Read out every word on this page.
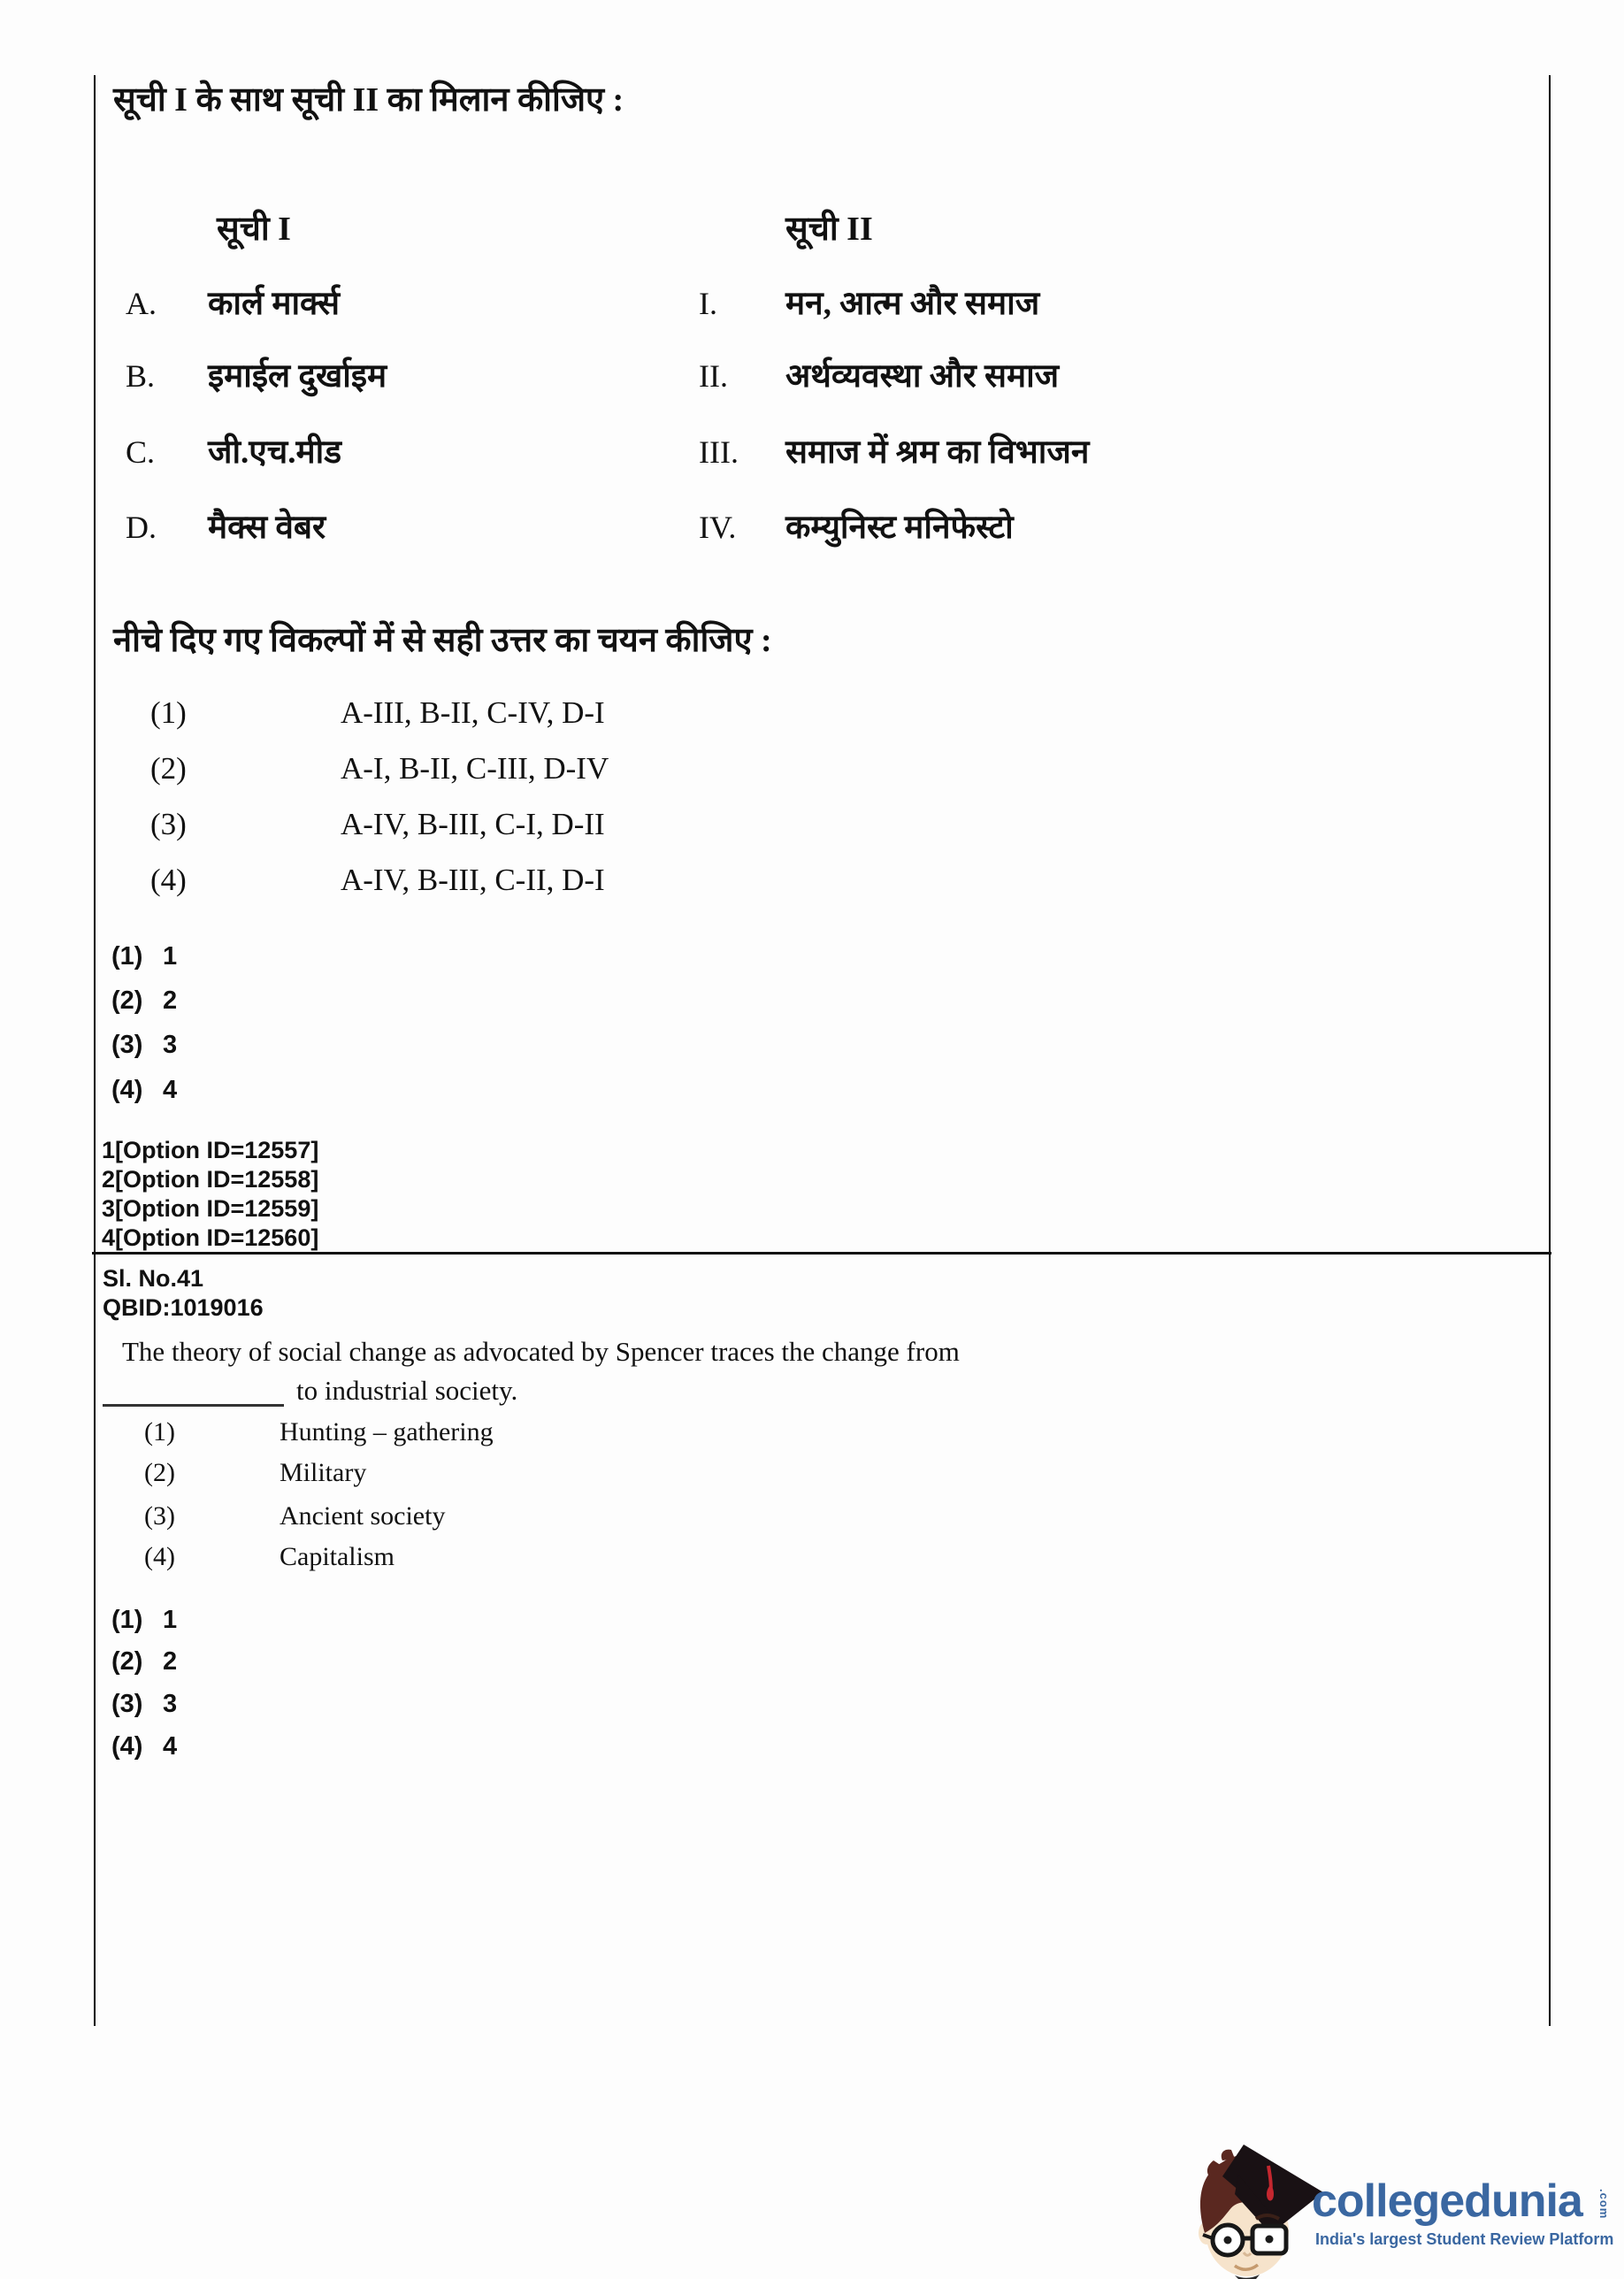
सूची I के साथ सूची II का मिलान कीजिए :
सूची I	सूची II
A. कार्ल मार्क्स	I. मन, आत्म और समाज
B. इमाईल दुर्खाइम	II. अर्थव्यवस्था और समाज
C. जी.एच.मीड	III. समाज में श्रम का विभाजन
D. मैक्स वेबर	IV. कम्युनिस्ट मनिफेस्टो
नीचे दिए गए विकल्पों में से सही उत्तर का चयन कीजिए :
(1)	A-III, B-II, C-IV, D-I
(2)	A-I, B-II, C-III, D-IV
(3)	A-IV, B-III, C-I, D-II
(4)	A-IV, B-III, C-II, D-I
(1) 1
(2) 2
(3) 3
(4) 4
1[Option ID=12557]
2[Option ID=12558]
3[Option ID=12559]
4[Option ID=12560]
Sl. No.41
QBID:1019016
The theory of social change as advocated by Spencer traces the change from
to industrial society.
(1)	Hunting – gathering
(2)	Military
(3)	Ancient society
(4)	Capitalism
(1) 1
(2) 2
(3) 3
(4) 4
collegedunia .com
India's largest Student Review Platform
